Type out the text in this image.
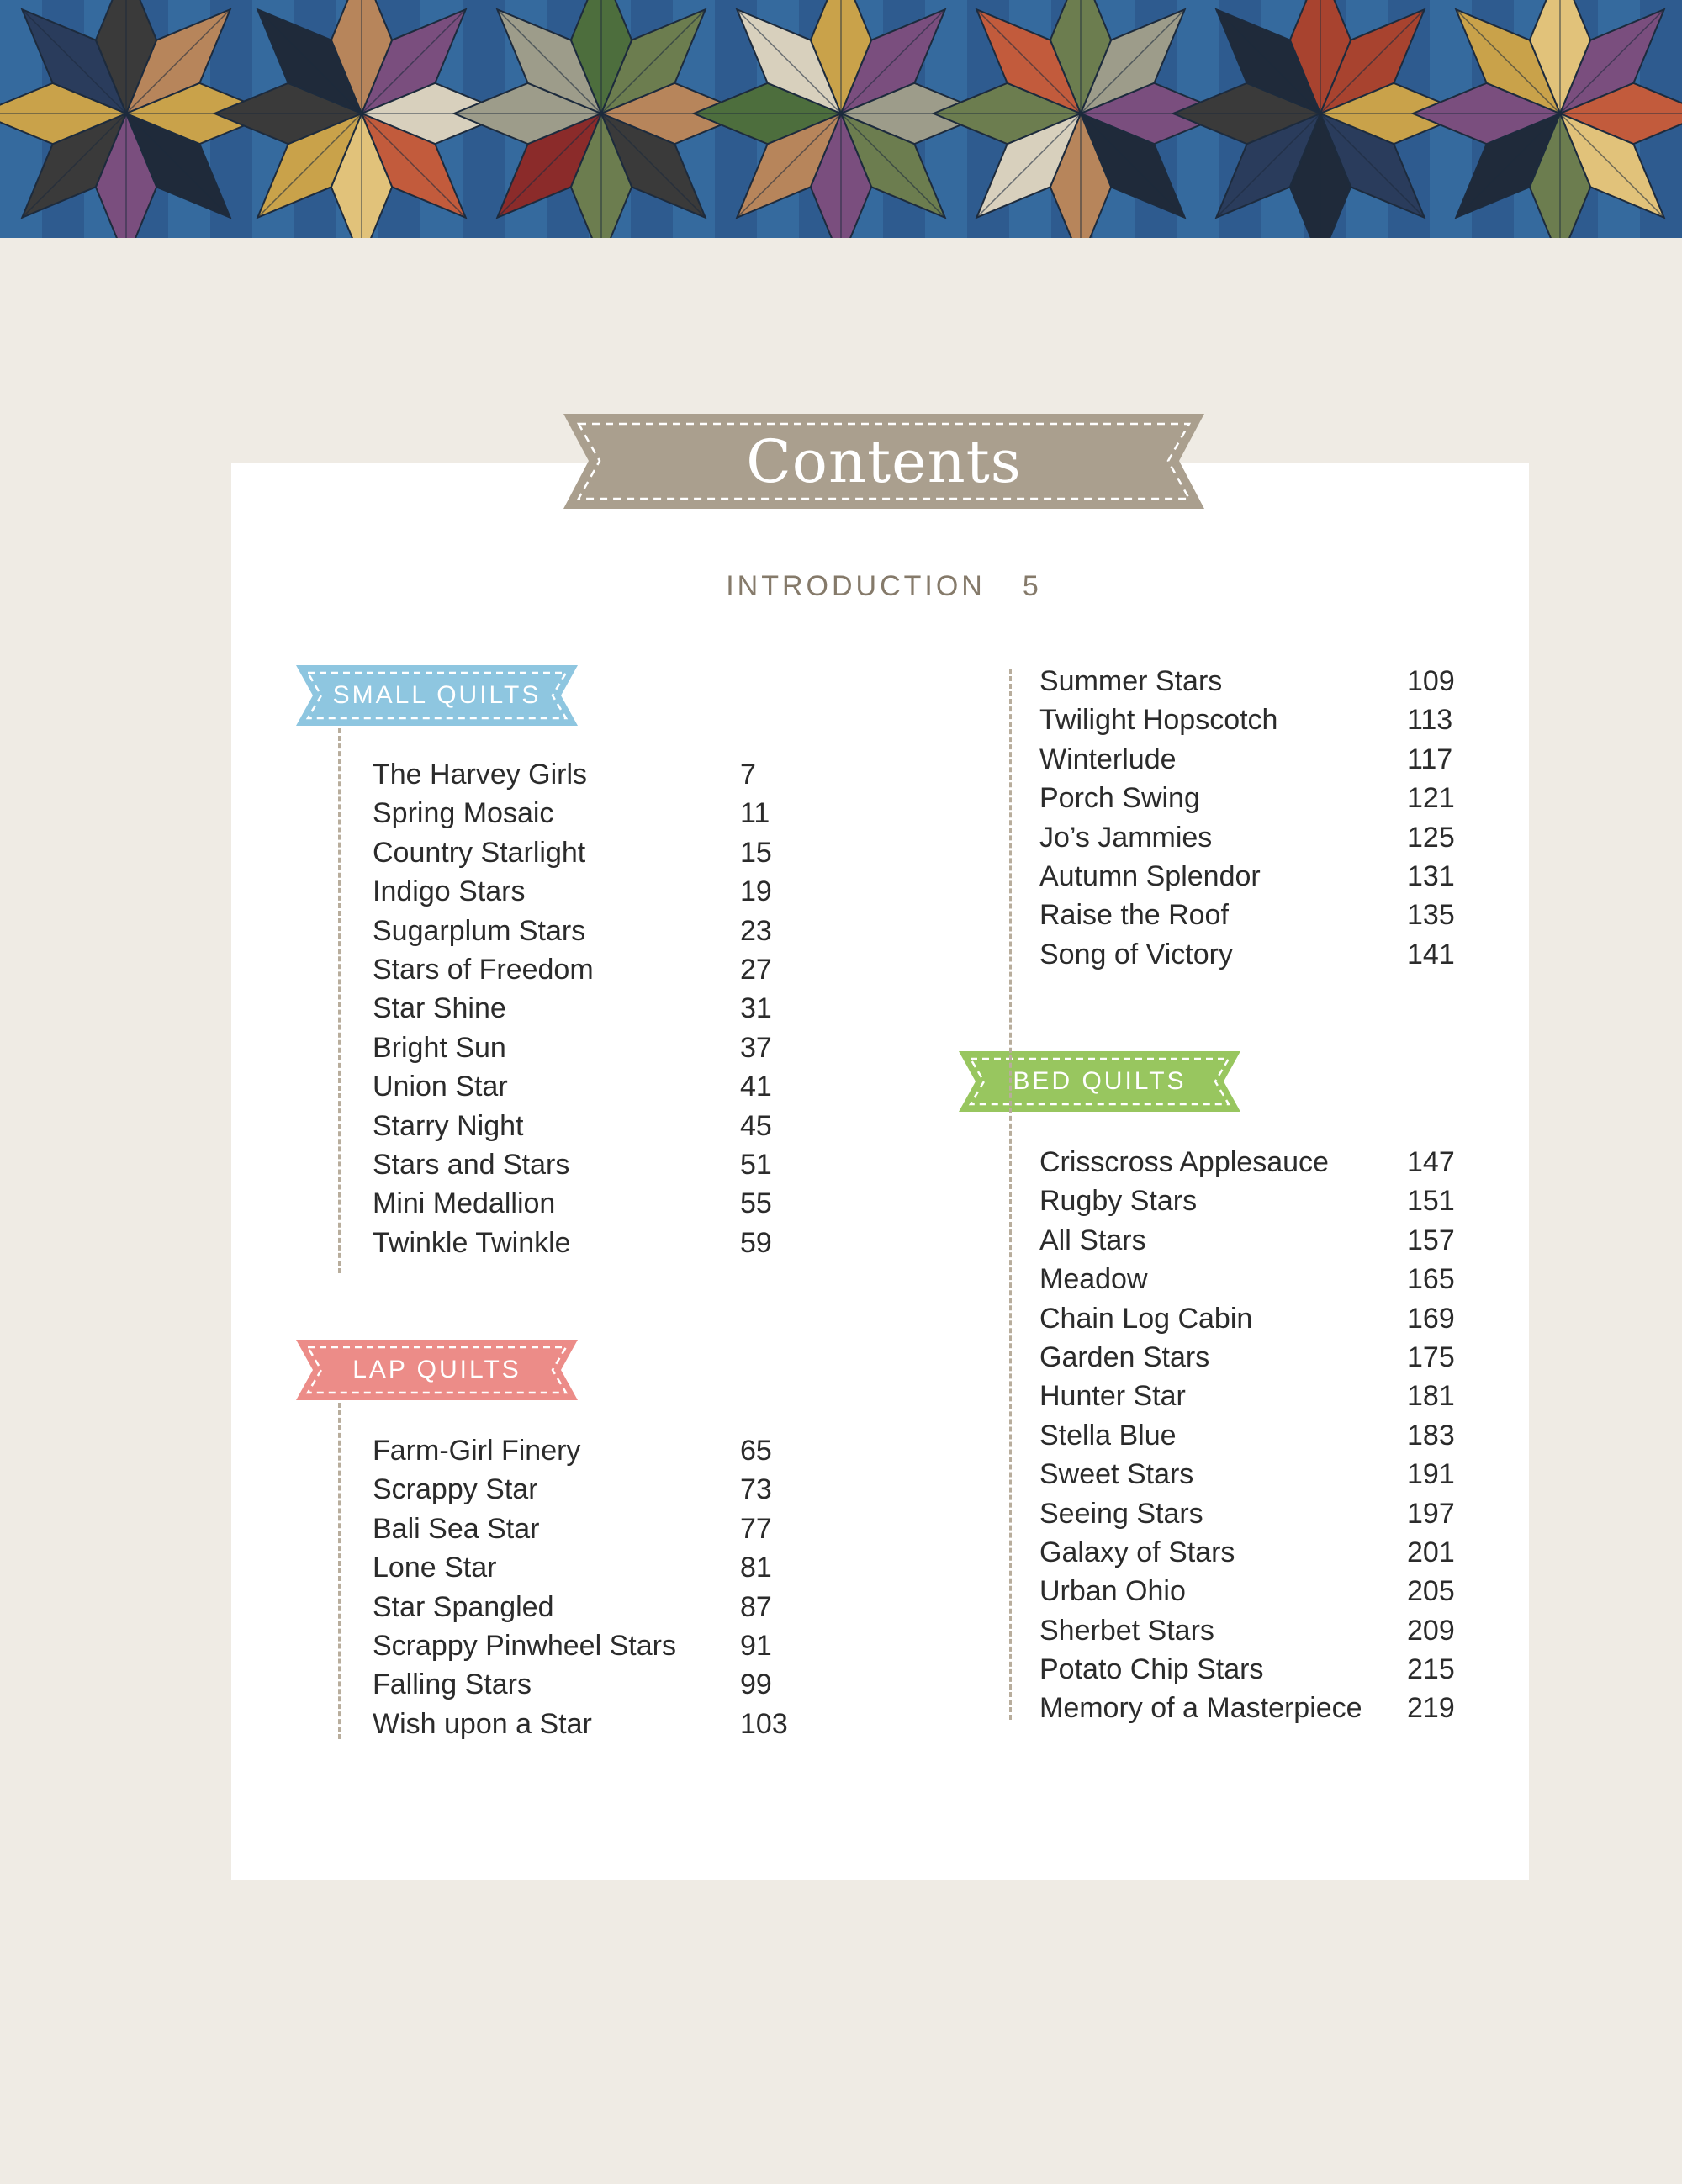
Contents
INTRODUCTION 5
SMALL QUILTS
LAP QUILTS
BED QUILTS
The Harvey Girls	7
Spring Mosaic	11
Country Starlight	15
Indigo Stars	19
Sugarplum Stars	23
Stars of Freedom	27
Star Shine	31
Bright Sun	37
Union Star	41
Starry Night	45
Stars and Stars	51
Mini Medallion	55
Twinkle Twinkle	59
Farm-Girl Finery	65
Scrappy Star	73
Bali Sea Star	77
Lone Star	81
Star Spangled	87
Scrappy Pinwheel Stars 91
Falling Stars	99
Wish upon a Star	103
Summer Stars	109
Twilight Hopscotch	113
Winterlude	117
Porch Swing	121
Jo’s Jammies	125
Autumn Splendor	131
Raise the Roof	135
Song of Victory	141
Crisscross Applesauce	147
Rugby Stars	151
All Stars	157
Meadow	165
Chain Log Cabin	169
Garden Stars	175
Hunter Star	181
Stella Blue	183
Sweet Stars	191
Seeing Stars	197
Galaxy of Stars	201
Urban Ohio	205
Sherbet Stars	209
Potato Chip Stars	215
Memory of a Masterpiece 219
